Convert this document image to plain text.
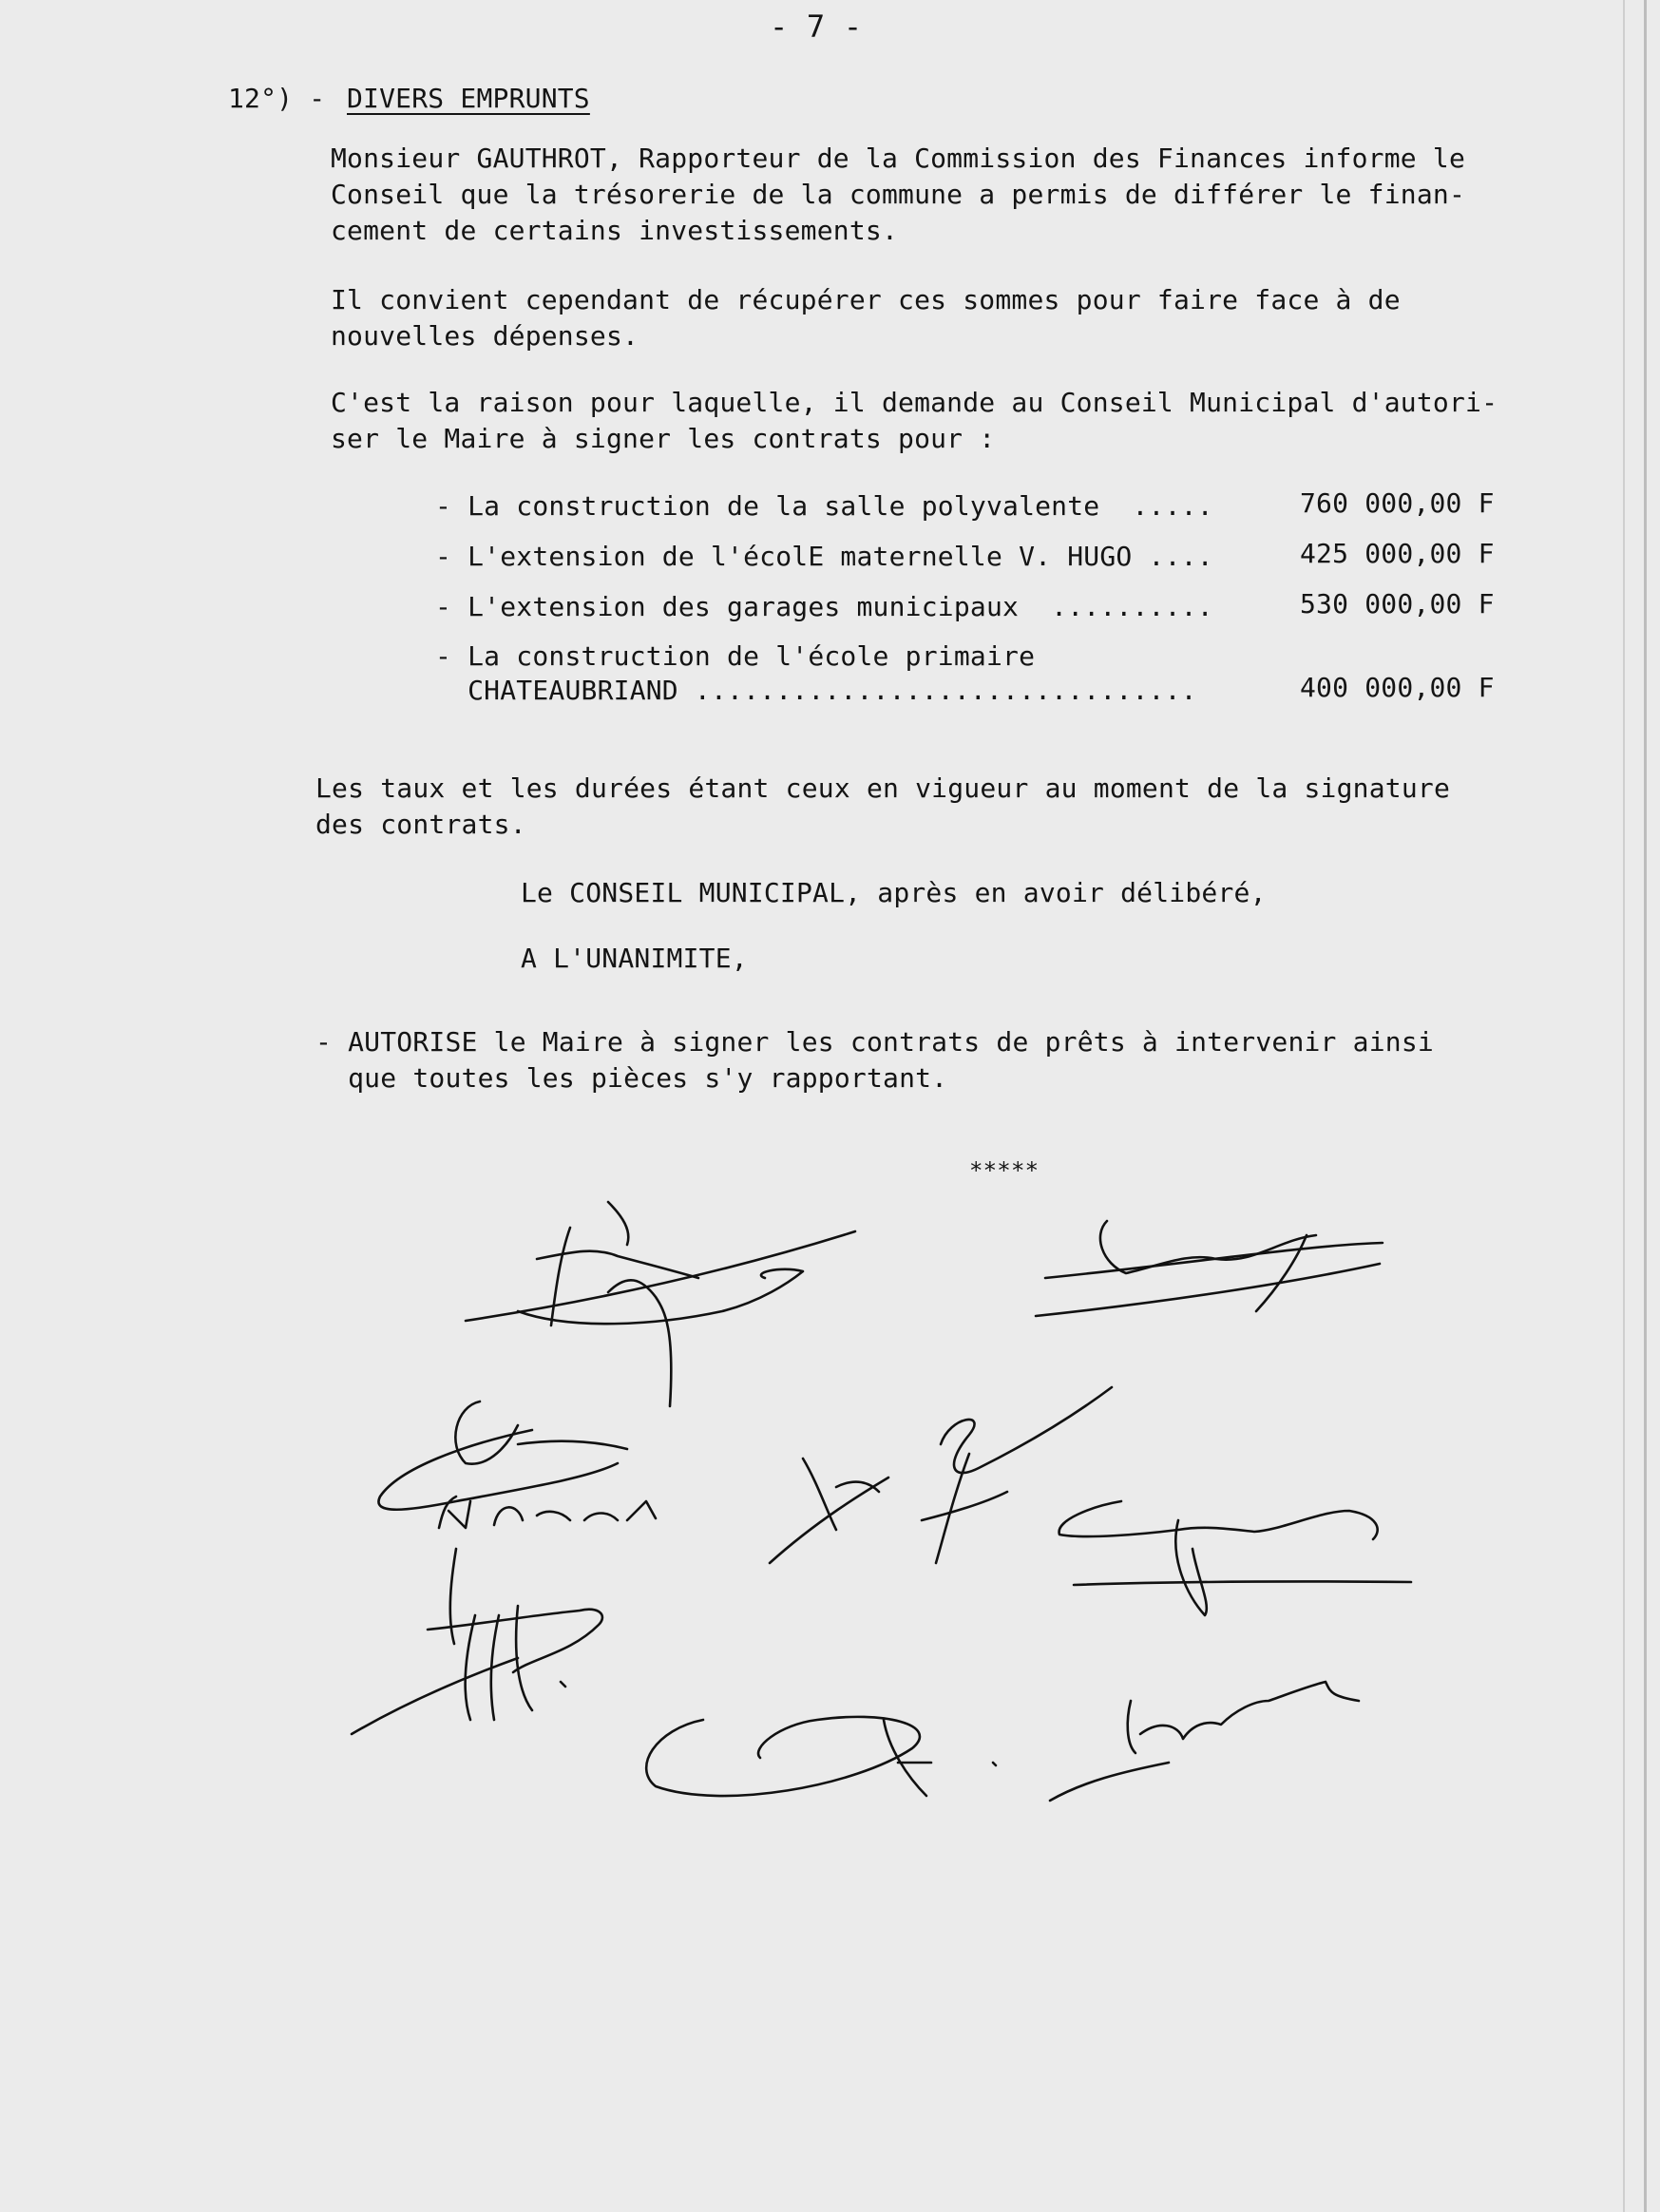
- 7 -
12°) - DIVERS EMPRUNTS
Monsieur GAUTHROT, Rapporteur de la Commission des Finances informe le
Conseil que la trésorerie de la commune a permis de différer le finan-
cement de certains investissements.
Il convient cependant de récupérer ces sommes pour faire face à de
nouvelles dépenses.
C'est la raison pour laquelle, il demande au Conseil Municipal d'autori-
ser le Maire à signer les contrats pour :
- La construction de la salle polyvalente  .....	760 000,00 F
- L'extension de l'écolE maternelle V. HUGO ....	425 000,00 F
- L'extension des garages municipaux  ..........	530 000,00 F
- La construction de l'école primaire
CHATEAUBRIAND ...............................	400 000,00 F
Les taux et les durées étant ceux en vigueur au moment de la signature
des contrats.
Le CONSEIL MUNICIPAL, après en avoir délibéré,
A L'UNANIMITE,
- AUTORISE le Maire à signer les contrats de prêts à intervenir ainsi
que toutes les pièces s'y rapportant.
*****
